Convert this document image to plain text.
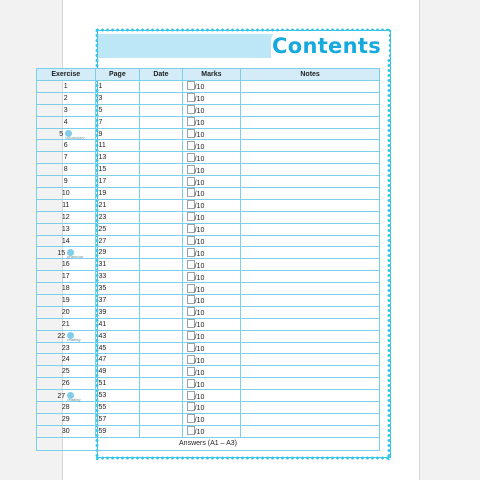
Contents
Exercise	Page	Date	Marks	Notes
1	1		/10	
2	3		/10	
3	5		/10	
4	7		/10	
5 vocabulary	9		/10	
6	11		/10	
7	13		/10	
8	15		/10	
9	17		/10	
10	19		/10	
11	21		/10	
12	23		/10	
13	25		/10	
14	27		/10	
15 grammar	29		/10	
16	31		/10	
17	33		/10	
18	35		/10	
19	37		/10	
20	39		/10	
21	41		/10	
22 reading	43		/10	
23	45		/10	
24	47		/10	
25	49		/10	
26	51		/10	
27 reading	53		/10	
28	55		/10	
29	57		/10	
30	59		/10	
Answers (A1 – A3)				
